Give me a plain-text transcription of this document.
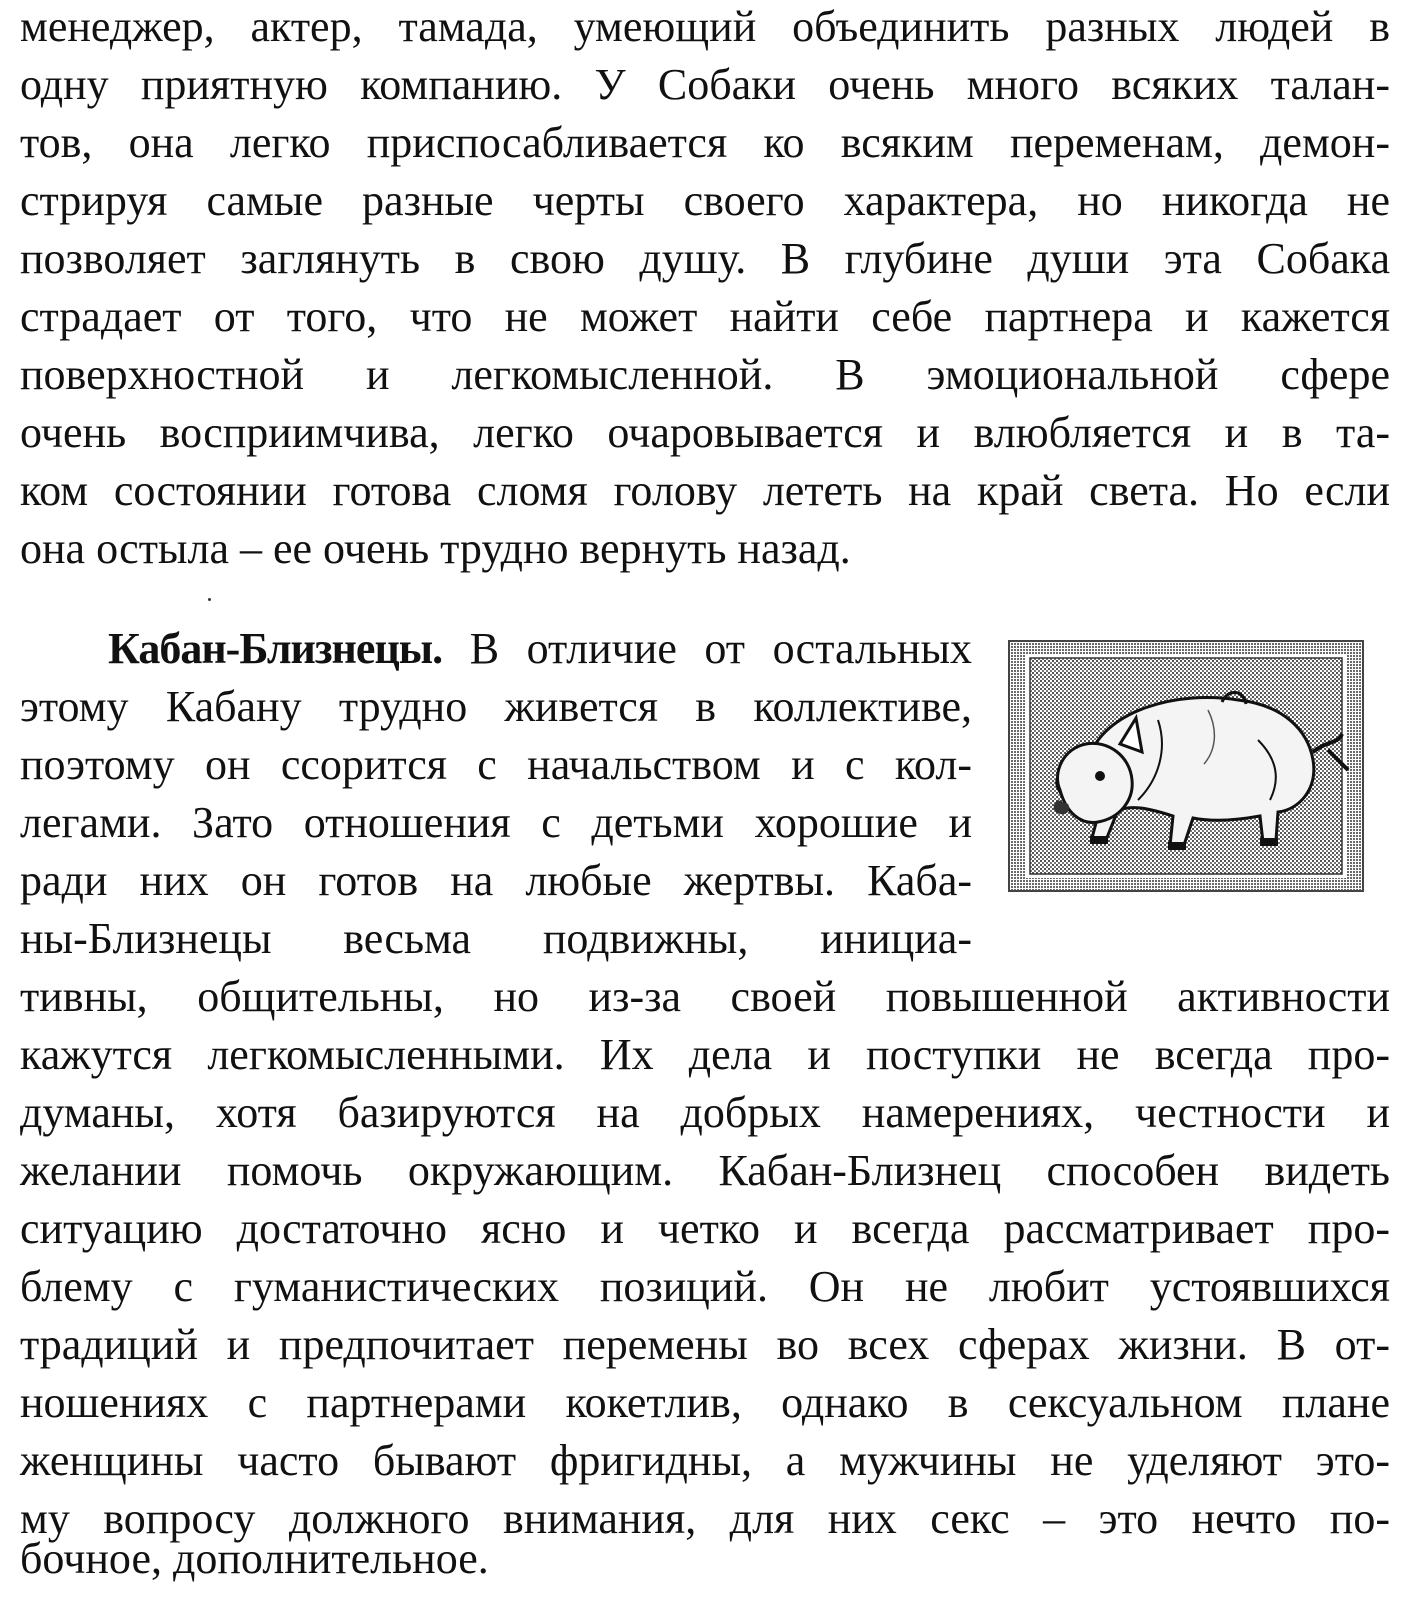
менеджер, актер, тамада, умеющий объединить разных людей в
одну приятную компанию. У Собаки очень много всяких талан-
тов, она легко приспосабливается ко всяким переменам, демон-
стрируя самые разные черты своего характера, но никогда не
позволяет заглянуть в свою душу. В глубине души эта Собака
страдает от того, что не может найти себе партнера и кажется
поверхностной и легкомысленной. В эмоциональной сфере
очень восприимчива, легко очаровывается и влюбляется и в та-
ком состоянии готова сломя голову лететь на край света. Но если
она остыла – ее очень трудно вернуть назад.
Кабан-Близнецы. В отличие от остальных
этому Кабану трудно живется в коллективе,
поэтому он ссорится с начальством и с кол-
легами. Зато отношения с детьми хорошие и
ради них он готов на любые жертвы. Каба-
ны-Близнецы весьма подвижны, инициа-
тивны, общительны, но из-за своей повышенной активности
кажутся легкомысленными. Их дела и поступки не всегда про-
думаны, хотя базируются на добрых намерениях, честности и
желании помочь окружающим. Кабан-Близнец способен видеть
ситуацию достаточно ясно и четко и всегда рассматривает про-
блему с гуманистических позиций. Он не любит устоявшихся
традиций и предпочитает перемены во всех сферах жизни. В от-
ношениях с партнерами кокетлив, однако в сексуальном плане
женщины часто бывают фригидны, а мужчины не уделяют это-
му вопросу должного внимания, для них секс – это нечто по-
бочное, дополнительное.
